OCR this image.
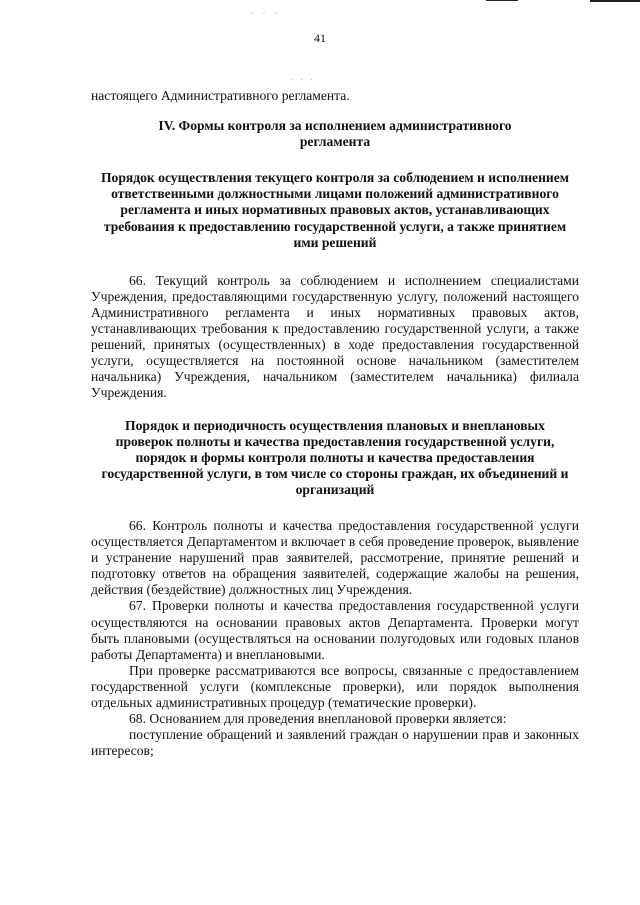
· · ·
· · ·
41

настоящего Административного регламента.

IV. Формы контроля за исполнением административного регламента
Порядок осуществления текущего контроля за соблюдением и исполнением ответственными должностными лицами положений административного регламента и иных нормативных правовых актов, устанавливающих требования к предоставлению государственной услуги, а также принятием ими решений

66. Текущий контроль за соблюдением и исполнением специалистами Учреждения, предоставляющими государственную услугу, положений настоящего Административного регламента и иных нормативных правовых актов, устанавливающих требования к предоставлению государственной услуги, а также решений, принятых (осуществленных) в ходе предоставления государственной услуги, осуществляется на постоянной основе начальником (заместителем начальника) Учреждения, начальником (заместителем начальника) филиала Учреждения.

Порядок и периодичность осуществления плановых и внеплановых проверок полноты и качества предоставления государственной услуги, порядок и формы контроля полноты и качества предоставления государственной услуги, в том числе со стороны граждан, их объединений и организаций

66. Контроль полноты и качества предоставления государственной услуги осуществляется Департаментом и включает в себя проведение проверок, выявление и устранение нарушений прав заявителей, рассмотрение, принятие решений и подготовку ответов на обращения заявителей, содержащие жалобы на решения, действия (бездействие) должностных лиц Учреждения.

67. Проверки полноты и качества предоставления государственной услуги осуществляются на основании правовых актов Департамента. Проверки могут быть плановыми (осуществляться на основании полугодовых или годовых планов работы Департамента) и внеплановыми.

При проверке рассматриваются все вопросы, связанные с предоставлением государственной услуги (комплексные проверки), или порядок выполнения отдельных административных процедур (тематические проверки).

68. Основанием для проведения внеплановой проверки является:

поступление обращений и заявлений граждан о нарушении прав и законных интересов;
